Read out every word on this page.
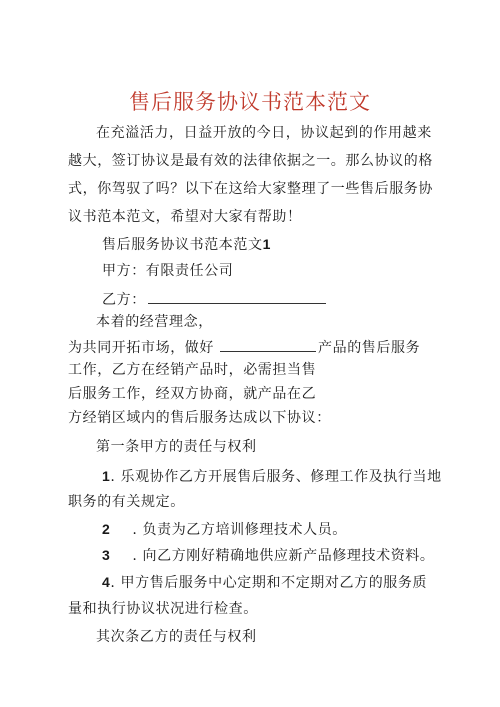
售后服务协议书范本范文
在充溢活力，日益开放的今日，协议起到的作用越来
越大，签订协议是最有效的法律依据之一。那么协议的格
式，你驾驭了吗？以下在这给大家整理了一些售后服务协
议书范本范文，希望对大家有帮助！
售后服务协议书范本范文1
甲方：有限责任公司
乙方：
本着的经营理念，
为共同开拓市场，做好	产品的售后服务
工作，乙方在经销产品时，必需担当售
后服务工作，经双方协商，就产品在乙
方经销区域内的售后服务达成以下协议：
第一条甲方的责任与权利
1. 乐观协作乙方开展售后服务、修理工作及执行当地
职务的有关规定。
2 . 负责为乙方培训修理技术人员。
3 . 向乙方刚好精确地供应新产品修理技术资料。
4. 甲方售后服务中心定期和不定期对乙方的服务质
量和执行协议状况进行检查。
其次条乙方的责任与权利
